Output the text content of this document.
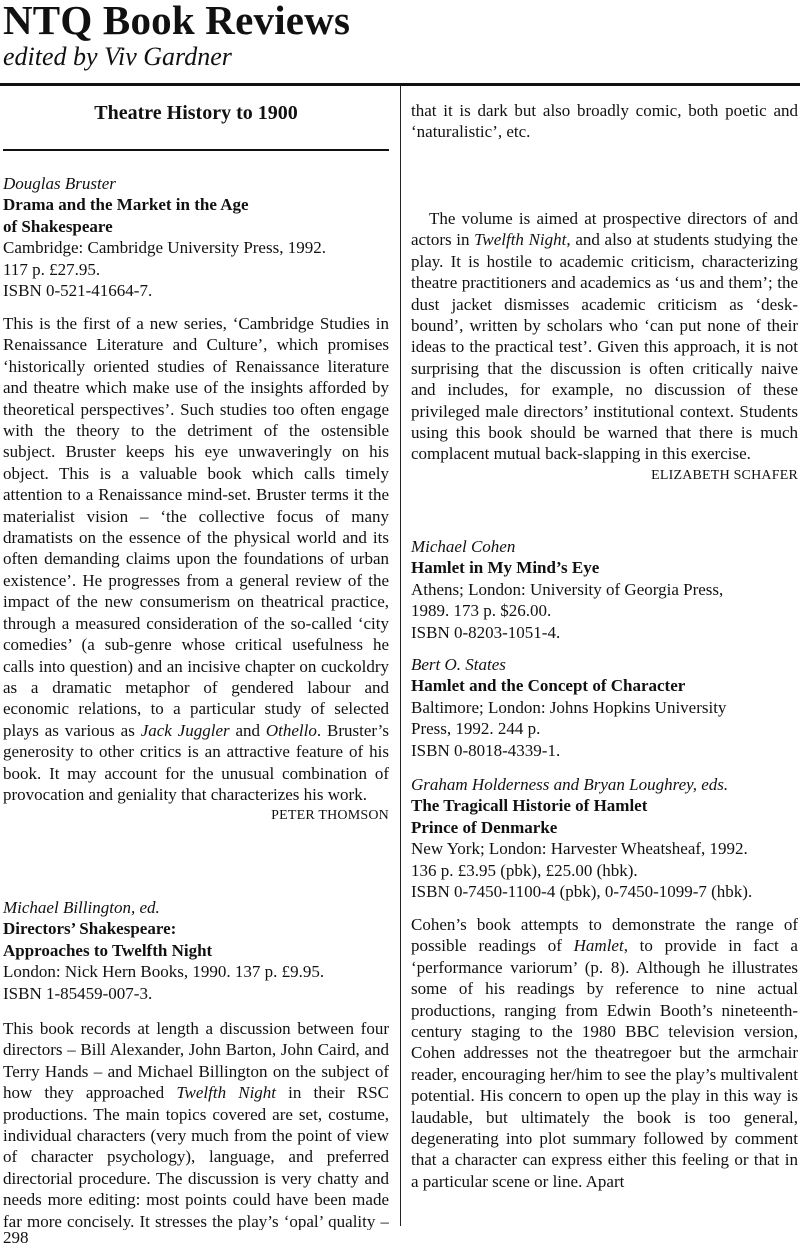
NTQ Book Reviews
edited by Viv Gardner
Theatre History to 1900
Douglas Bruster
Drama and the Market in the Age
of Shakespeare
Cambridge: Cambridge University Press, 1992.
117 p. £27.95.
ISBN 0-521-41664-7.

This is the first of a new series, ‘Cambridge Studies in Renaissance Literature and Culture’, which promises ‘historically oriented studies of Renaissance literature and theatre which make use of the insights afforded by theoretical perspectives’. Such studies too often engage with the theory to the detriment of the ostensible subject. Bruster keeps his eye unwaveringly on his object. This is a valuable book which calls timely attention to a Renaissance mind-set. Bruster terms it the materialist vision – ‘the collective focus of many dramatists on the essence of the physical world and its often demanding claims upon the foundations of urban existence’. He progresses from a general review of the impact of the new consumerism on theatrical practice, through a measured consideration of the so-called ‘city comedies’ (a sub-genre whose critical usefulness he calls into question) and an incisive chapter on cuckoldry as a dramatic metaphor of gendered labour and economic relations, to a particular study of selected plays as various as Jack Juggler and Othello. Bruster’s generosity to other critics is an attractive feature of his book. It may account for the unusual combination of provocation and geniality that characterizes his work.

PETER THOMSON
Michael Billington, ed.
Directors’ Shakespeare:
Approaches to Twelfth Night
London: Nick Hern Books, 1990. 137 p. £9.95.
ISBN 1-85459-007-3.

This book records at length a discussion between four directors – Bill Alexander, John Barton, John Caird, and Terry Hands – and Michael Billington on the subject of how they approached Twelfth Night in their RSC productions. The main topics covered are set, costume, individual characters (very much from the point of view of character psychology), language, and preferred directorial procedure. The discussion is very chatty and needs more editing: most points could have been made far more concisely. It stresses the play’s ‘opal’ quality –

that it is dark but also broadly comic, both poetic and ‘naturalistic’, etc.

The volume is aimed at prospective directors of and actors in Twelfth Night, and also at students studying the play. It is hostile to academic criticism, characterizing theatre practitioners and academics as ‘us and them’; the dust jacket dismisses academic criticism as ‘desk-bound’, written by scholars who ‘can put none of their ideas to the practical test’. Given this approach, it is not surprising that the discussion is often critically naive and includes, for example, no discussion of these privileged male directors’ institutional context. Students using this book should be warned that there is much complacent mutual back-slapping in this exercise.

ELIZABETH SCHAFER
Michael Cohen
Hamlet in My Mind’s Eye
Athens; London: University of Georgia Press,
1989. 173 p. $26.00.
ISBN 0-8203-1051-4.
Bert O. States
Hamlet and the Concept of Character
Baltimore; London: Johns Hopkins University
Press, 1992. 244 p.
ISBN 0-8018-4339-1.
Graham Holderness and Bryan Loughrey, eds.
The Tragicall Historie of Hamlet
Prince of Denmarke
New York; London: Harvester Wheatsheaf, 1992.
136 p. £3.95 (pbk), £25.00 (hbk).
ISBN 0-7450-1100-4 (pbk), 0-7450-1099-7 (hbk).

Cohen’s book attempts to demonstrate the range of possible readings of Hamlet, to provide in fact a ‘performance variorum’ (p. 8). Although he illustrates some of his readings by reference to nine actual productions, ranging from Edwin Booth’s nineteenth-century staging to the 1980 BBC television version, Cohen addresses not the theatregoer but the armchair reader, encouraging her/him to see the play’s multivalent potential. His concern to open up the play in this way is laudable, but ultimately the book is too general, degenerating into plot summary followed by comment that a character can express either this feeling or that in a particular scene or line. Apart

298
